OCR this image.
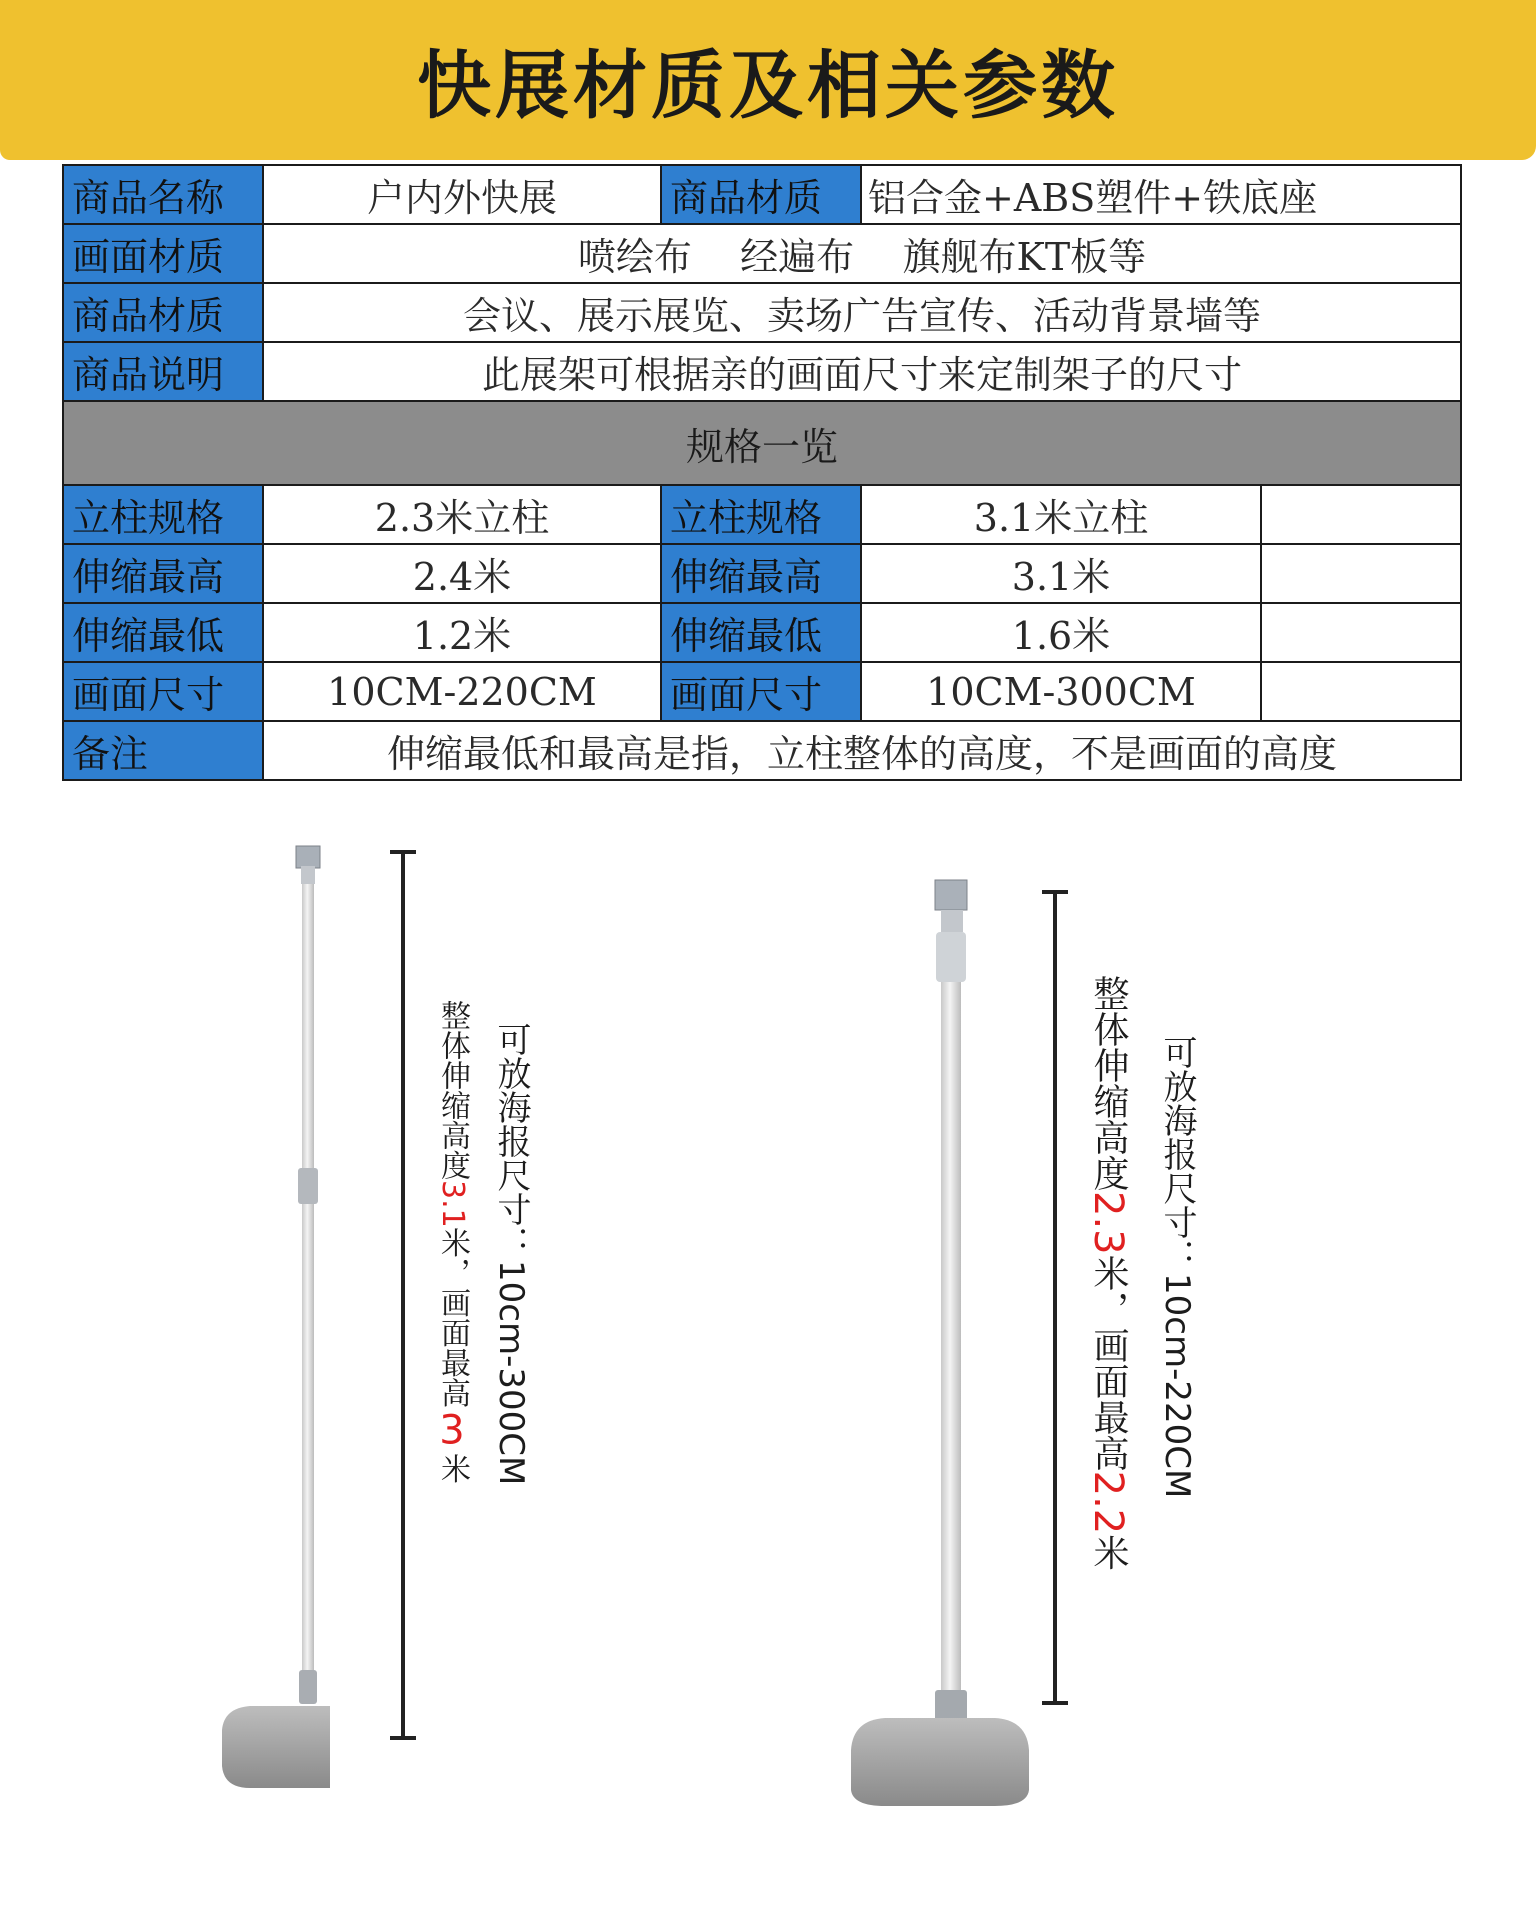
快展材质及相关参数
商品名称	户内外快展	商品材质	铝合金+ABS塑件+铁底座	
画面材质	喷绘布    经遍布    旗舰布KT板等			
商品材质	会议、展示展览、卖场广告宣传、活动背景墙等			
商品说明	此展架可根据亲的画面尺寸来定制架子的尺寸			
规格一览				
立柱规格	2.3米立柱	立柱规格	3.1米立柱	
伸缩最高	2.4米	伸缩最高	3.1米	
伸缩最低	1.2米	伸缩最低	1.6米	
画面尺寸	10CM-220CM	画面尺寸	10CM-300CM	
备注	伸缩最低和最高是指，立柱整体的高度，不是画面的高度			
整体伸缩高度3.1米，画面最高3米
可放海报尺寸：10cm-300CM
整体伸缩高度2.3米，画面最高2.2米
可放海报尺寸：10cm-220CM
